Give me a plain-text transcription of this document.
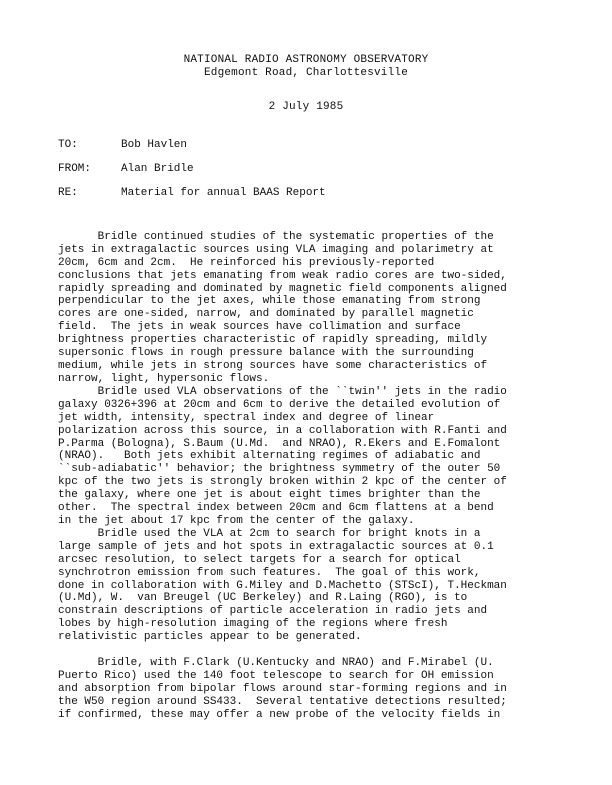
NATIONAL RADIO ASTRONOMY OBSERVATORY
Edgemont Road, Charlottesville
2 July 1985
TO:	Bob Havlen
FROM:	Alan Bridle
RE:	Material for annual BAAS Report
Bridle continued studies of the systematic properties of the
jets in extragalactic sources using VLA imaging and polarimetry at
20cm, 6cm and 2cm.  He reinforced his previously-reported
conclusions that jets emanating from weak radio cores are two-sided,
rapidly spreading and dominated by magnetic field components aligned
perpendicular to the jet axes, while those emanating from strong
cores are one-sided, narrow, and dominated by parallel magnetic
field.  The jets in weak sources have collimation and surface
brightness properties characteristic of rapidly spreading, mildly
supersonic flows in rough pressure balance with the surrounding
medium, while jets in strong sources have some characteristics of
narrow, light, hypersonic flows.
Bridle used VLA observations of the ``twin'' jets in the radio
galaxy 0326+396 at 20cm and 6cm to derive the detailed evolution of
jet width, intensity, spectral index and degree of linear
polarization across this source, in a collaboration with R.Fanti and
P.Parma (Bologna), S.Baum (U.Md.  and NRAO), R.Ekers and E.Fomalont
(NRAO).   Both jets exhibit alternating regimes of adiabatic and
``sub-adiabatic'' behavior; the brightness symmetry of the outer 50
kpc of the two jets is strongly broken within 2 kpc of the center of
the galaxy, where one jet is about eight times brighter than the
other.  The spectral index between 20cm and 6cm flattens at a bend
in the jet about 17 kpc from the center of the galaxy.
Bridle used the VLA at 2cm to search for bright knots in a
large sample of jets and hot spots in extragalactic sources at 0.1
arcsec resolution, to select targets for a search for optical
synchrotron emission from such features.  The goal of this work,
done in collaboration with G.Miley and D.Machetto (STScI), T.Heckman
(U.Md), W.  van Breugel (UC Berkeley) and R.Laing (RGO), is to
constrain descriptions of particle acceleration in radio jets and
lobes by high-resolution imaging of the regions where fresh
relativistic particles appear to be generated.
Bridle, with F.Clark (U.Kentucky and NRAO) and F.Mirabel (U.
Puerto Rico) used the 140 foot telescope to search for OH emission
and absorption from bipolar flows around star-forming regions and in
the W50 region around SS433.  Several tentative detections resulted;
if confirmed, these may offer a new probe of the velocity fields in
